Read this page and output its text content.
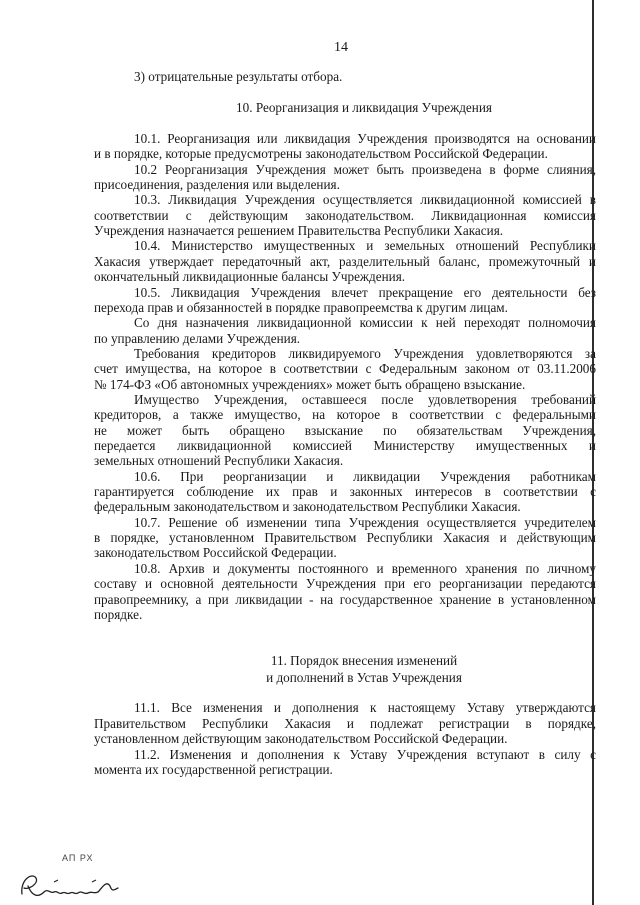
14
3) отрицательные результаты отбора.
10. Реорганизация и ликвидация Учреждения
10.1. Реорганизация или ликвидация Учреждения производятся на основании
и в порядке, которые предусмотрены законодательством Российской Федерации.
10.2 Реорганизация Учреждения может быть произведена в форме слияния,
присоединения, разделения или выделения.
10.3. Ликвидация Учреждения осуществляется ликвидационной комиссией в
соответствии с действующим законодательством. Ликвидационная комиссия
Учреждения назначается решением Правительства Республики Хакасия.
10.4. Министерство имущественных и земельных отношений Республики
Хакасия утверждает передаточный акт, разделительный баланс, промежуточный и
окончательный ликвидационные балансы Учреждения.
10.5. Ликвидация Учреждения влечет прекращение его деятельности без
перехода прав и обязанностей в порядке правопреемства к другим лицам.
Со дня назначения ликвидационной комиссии к ней переходят полномочия
по управлению делами Учреждения.
Требования кредиторов ликвидируемого Учреждения удовлетворяются за
счет имущества, на которое в соответствии с Федеральным законом от 03.11.2006
№ 174-ФЗ «Об автономных учреждениях» может быть обращено взыскание.
Имущество Учреждения, оставшееся после удовлетворения требований
кредиторов, а также имущество, на которое в соответствии с федеральными
не может быть обращено взыскание по обязательствам Учреждения,
передается ликвидационной комиссией Министерству имущественных и
земельных отношений Республики Хакасия.
10.6. При реорганизации и ликвидации Учреждения работникам
гарантируется соблюдение их прав и законных интересов в соответствии с
федеральным законодательством и законодательством Республики Хакасия.
10.7. Решение об изменении типа Учреждения осуществляется учредителем
в порядке, установленном Правительством Республики Хакасия и действующим
законодательством Российской Федерации.
10.8. Архив и документы постоянного и временного хранения по личному
составу и основной деятельности Учреждения при его реорганизации передаются
правопреемнику, а при ликвидации - на государственное хранение в установленном
порядке.
11. Порядок внесения изменений
и дополнений в Устав Учреждения
11.1. Все изменения и дополнения к настоящему Уставу утверждаются
Правительством Республики Хакасия и подлежат регистрации в порядке,
установленном действующим законодательством Российской Федерации.
11.2. Изменения и дополнения к Уставу Учреждения вступают в силу с
момента их государственной регистрации.
АП РХ
